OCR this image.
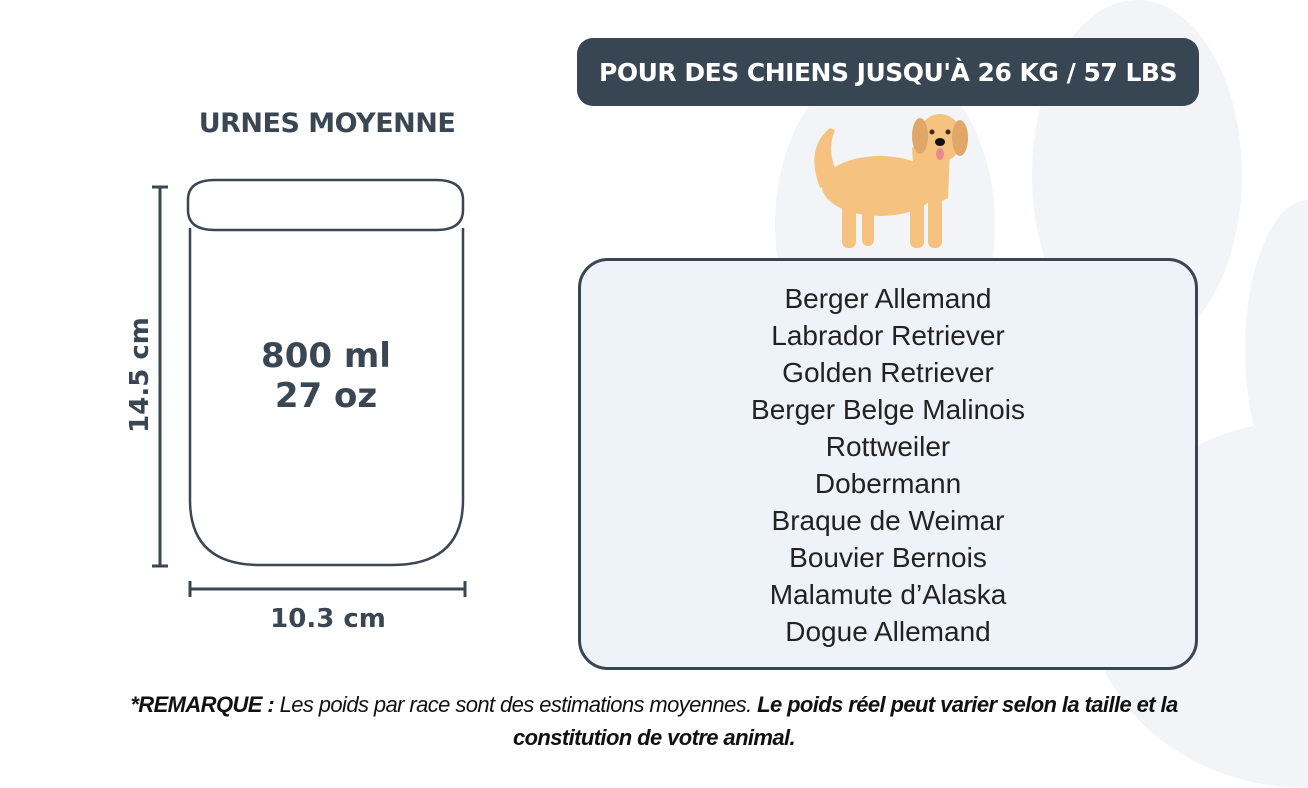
POUR DES CHIENS JUSQU'À 26 KG / 57 LBS
URNES MOYENNE
800 ml
27 oz
14.5 cm
10.3 cm
Berger Allemand
Labrador Retriever
Golden Retriever
Berger Belge Malinois
Rottweiler
Dobermann
Braque de Weimar
Bouvier Bernois
Malamute d’Alaska
Dogue Allemand
*REMARQUE : Les poids par race sont des estimations moyennes. Le poids réel peut varier selon la taille et la constitution de votre animal.
